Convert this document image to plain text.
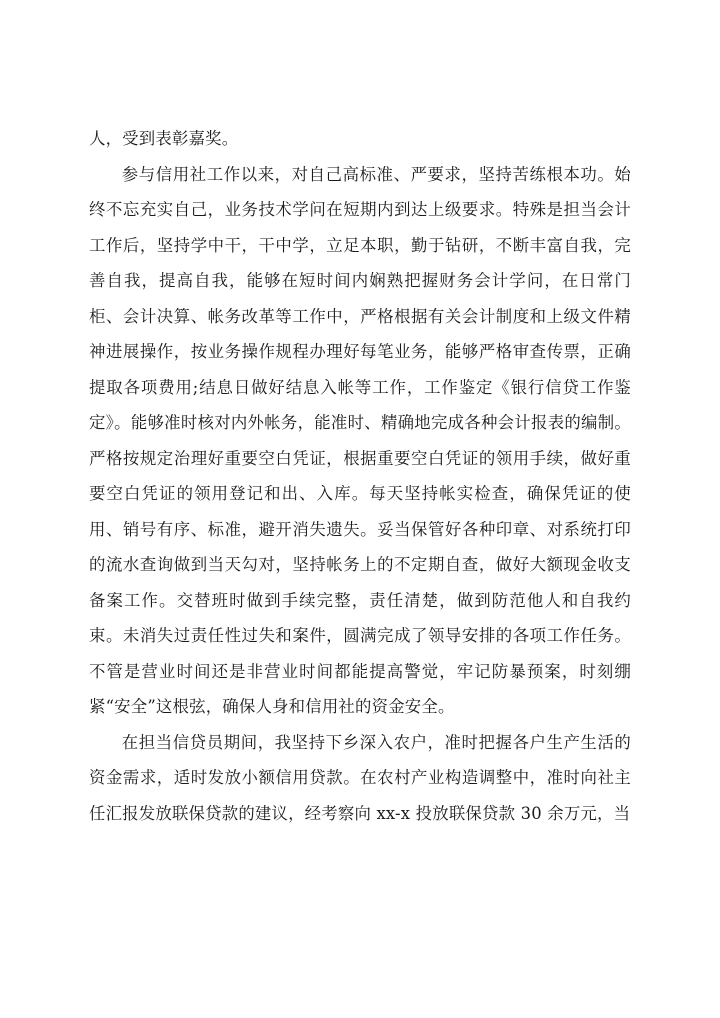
人，受到表彰嘉奖。

参与信用社工作以来，对自己高标准、严要求，坚持苦练根本功。始终不忘充实自己，业务技术学问在短期内到达上级要求。特殊是担当会计工作后，坚持学中干，干中学，立足本职，勤于钻研，不断丰富自我，完善自我，提高自我，能够在短时间内娴熟把握财务会计学问，在日常门柜、会计决算、帐务改革等工作中，严格根据有关会计制度和上级文件精神进展操作，按业务操作规程办理好每笔业务，能够严格审查传票，正确提取各项费用;结息日做好结息入帐等工作，工作鉴定《银行信贷工作鉴定》。能够准时核对内外帐务，能准时、精确地完成各种会计报表的编制。严格按规定治理好重要空白凭证，根据重要空白凭证的领用手续，做好重要空白凭证的领用登记和出、入库。每天坚持帐实检查，确保凭证的使用、销号有序、标准，避开消失遗失。妥当保管好各种印章、对系统打印的流水查询做到当天勾对，坚持帐务上的不定期自查，做好大额现金收支备案工作。交替班时做到手续完整，责任清楚，做到防范他人和自我约束。未消失过责任性过失和案件，圆满完成了领导安排的各项工作任务。不管是营业时间还是非营业时间都能提高警觉，牢记防暴预案，时刻绷紧“安全”这根弦，确保人身和信用社的资金安全。

在担当信贷员期间，我坚持下乡深入农户，准时把握各户生产生活的资金需求，适时发放小额信用贷款。在农村产业构造调整中，准时向社主任汇报发放联保贷款的建议，经考察向 xx-x 投放联保贷款 30 余万元，当
